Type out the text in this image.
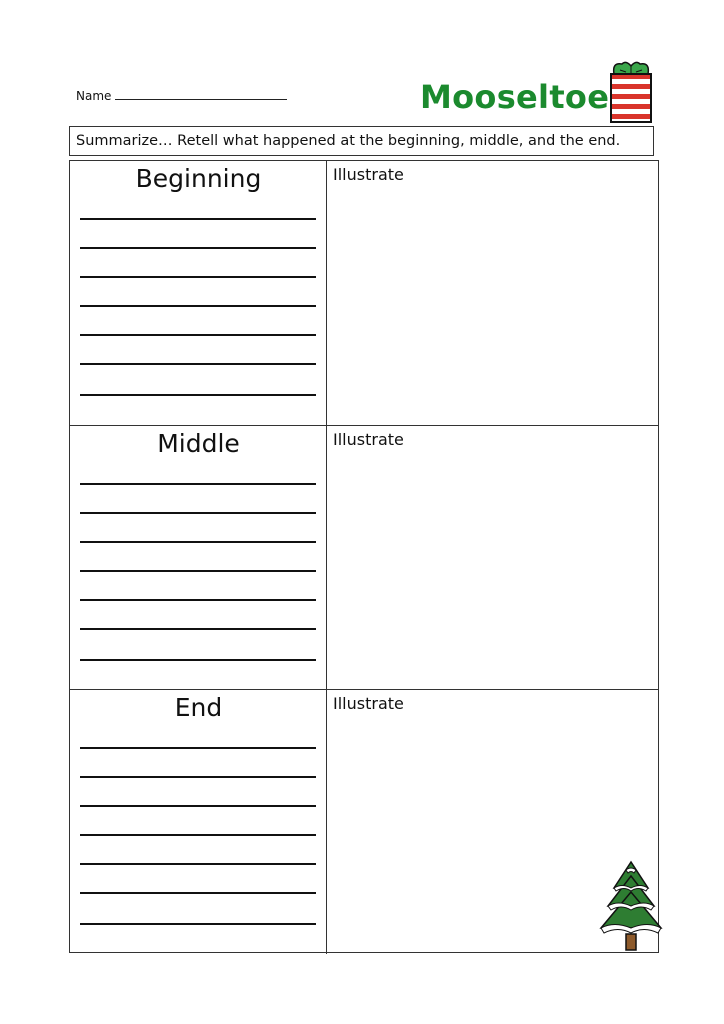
Name	Mooseltoe
Summarize… Retell what happened at the beginning, middle, and the end.
Beginning	Illustrate
Middle	Illustrate
End	Illustrate
